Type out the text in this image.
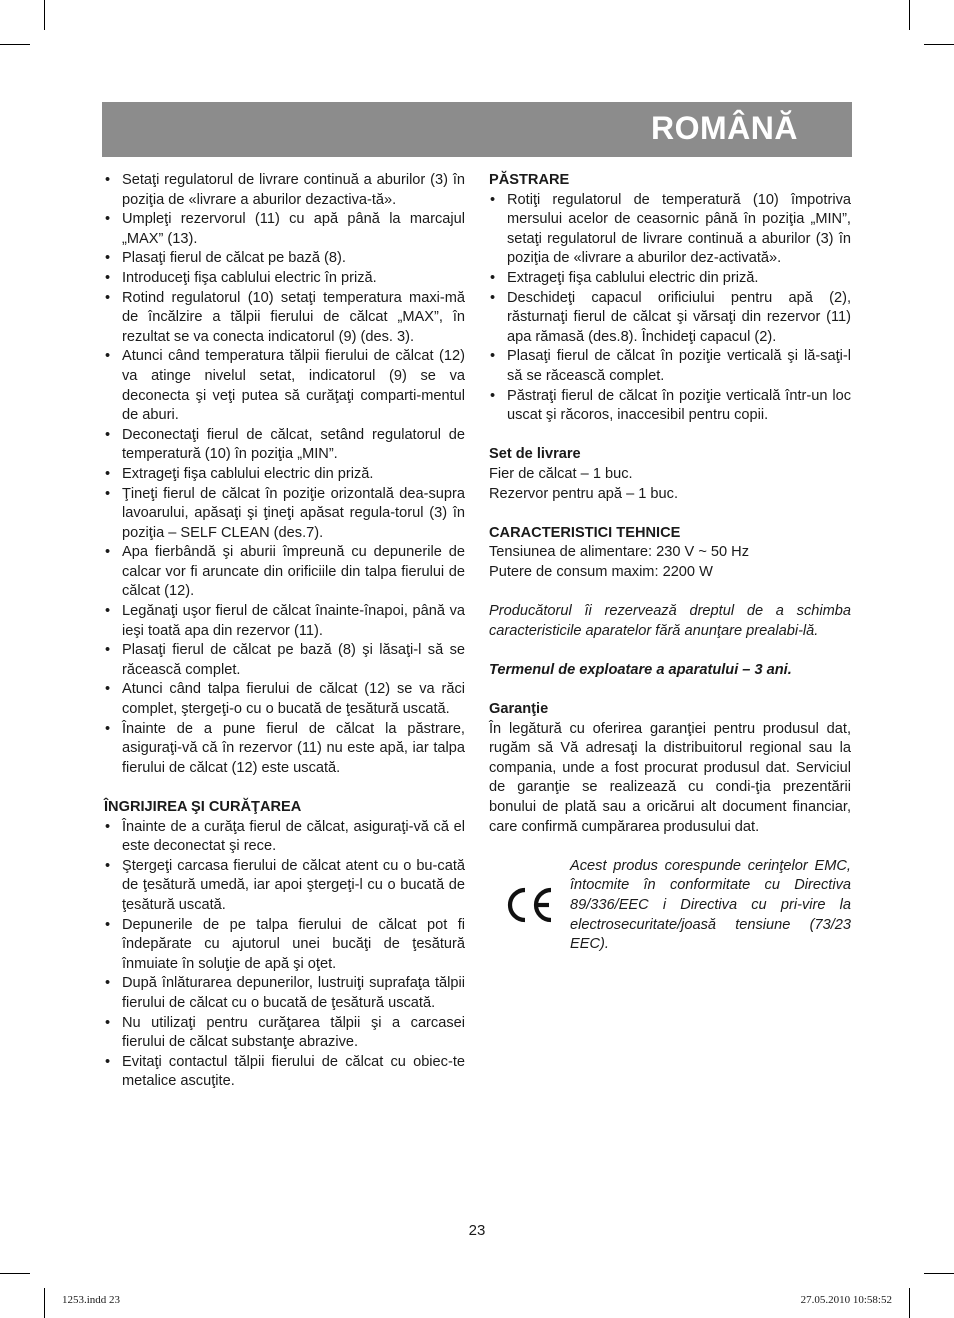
ROMÂNĂ
• Setaţi regulatorul de livrare continuă a aburilor (3) în poziţia de «livrare a aburilor dezactiva-tă».
• Umpleţi rezervorul (11) cu apă până la marcajul „MAX” (13).
• Plasaţi fierul de călcat pe bază (8).
• Introduceţi fişa cablului electric în priză.
• Rotind regulatorul (10) setaţi temperatura maxi-mă de încălzire a tălpii fierului de călcat „MAX”, în rezultat se va conecta indicatorul (9) (des. 3).
• Atunci când temperatura tălpii fierului de călcat (12) va atinge nivelul setat, indicatorul (9) se va deconecta şi veţi putea să curăţaţi comparti-mentul de aburi.
• Deconectaţi fierul de călcat, setând regulatorul de temperatură (10) în poziţia „MIN”.
• Extrageţi fişa cablului electric din priză.
• Ţineţi fierul de călcat în poziţie orizontală dea-supra lavoarului, apăsaţi şi ţineţi apăsat regula-torul (3) în poziţia – SELF CLEAN (des.7).
• Apa fierbândă şi aburii împreună cu depunerile de calcar vor fi aruncate din orificiile din talpa fierului de călcat (12).
• Legănaţi uşor fierul de călcat înainte-înapoi, până va ieşi toată apa din rezervor (11).
• Plasaţi fierul de călcat pe bază (8) şi lăsaţi-l să se răcească complet.
• Atunci când talpa fierului de călcat (12) se va răci complet, ştergeţi-o cu o bucată de ţesătură uscată.
• Înainte de a pune fierul de călcat la păstrare, asiguraţi-vă că în rezervor (11) nu este apă, iar talpa fierului de călcat (12) este uscată.

ÎNGRIJIREA ŞI CURĂŢAREA

• Înainte de a curăţa fierul de călcat, asiguraţi-vă că el este deconectat şi rece.
• Ştergeţi carcasa fierului de călcat atent cu o bu-cată de ţesătură umedă, iar apoi ştergeţi-l cu o bucată de ţesătură uscată.
• Depunerile de pe talpa fierului de călcat pot fi îndepărate cu ajutorul unei bucăţi de ţesătură înmuiate în soluţie de apă şi oţet.
• După înlăturarea depunerilor, lustruiţi suprafaţa tălpii fierului de călcat cu o bucată de ţesătură uscată.
• Nu utilizaţi pentru curăţarea tălpii şi a carcasei fierului de călcat substanţe abrazive.
• Evitaţi contactul tălpii fierului de călcat cu obiec-te metalice ascuţite.

PĂSTRARE

• Rotiţi regulatorul de temperatură (10) împotriva mersului acelor de ceasornic până în poziţia „MIN”, setaţi regulatorul de livrare continuă a aburilor (3) în poziţia de «livrare a aburilor dez-activată».
• Extrageţi fişa cablului electric din priză.
• Deschideţi capacul orificiului pentru apă (2), răsturnaţi fierul de călcat şi vărsaţi din rezervor (11) apa rămasă (des.8). Închideţi capacul (2).
• Plasaţi fierul de călcat în poziţie verticală şi lă-saţi-l să se răcească complet.
• Păstraţi fierul de călcat în poziţie verticală într-un loc uscat şi răcoros, inaccesibil pentru copii.

Set de livrare

Fier de călcat – 1 buc.

Rezervor pentru apă – 1 buc.

CARACTERISTICI TEHNICE

Tensiunea de alimentare: 230 V ~ 50 Hz

Putere de consum maxim: 2200 W

Producătorul îi rezervează dreptul de a schimba caracteristicile aparatelor fără anunţare prealabi-lă.

Termenul de exploatare a aparatului – 3 ani.

Garanţie

În legătură cu oferirea garanţiei pentru produsul dat, rugăm să Vă adresaţi la distribuitorul regional sau la compania, unde a fost procurat produsul dat. Serviciul de garanţie se realizează cu condi-ţia prezentării bonului de plată sau a oricărui alt document financiar, care confirmă cumpărarea produsului dat.

Acest produs corespunde cerinţelor EMC, întocmite în conformitate cu Directiva 89/336/EEC i Directiva cu pri-vire la electrosecuritate/joasă tensiune (73/23 EEC).

23
1253.indd 23	27.05.2010 10:58:52
